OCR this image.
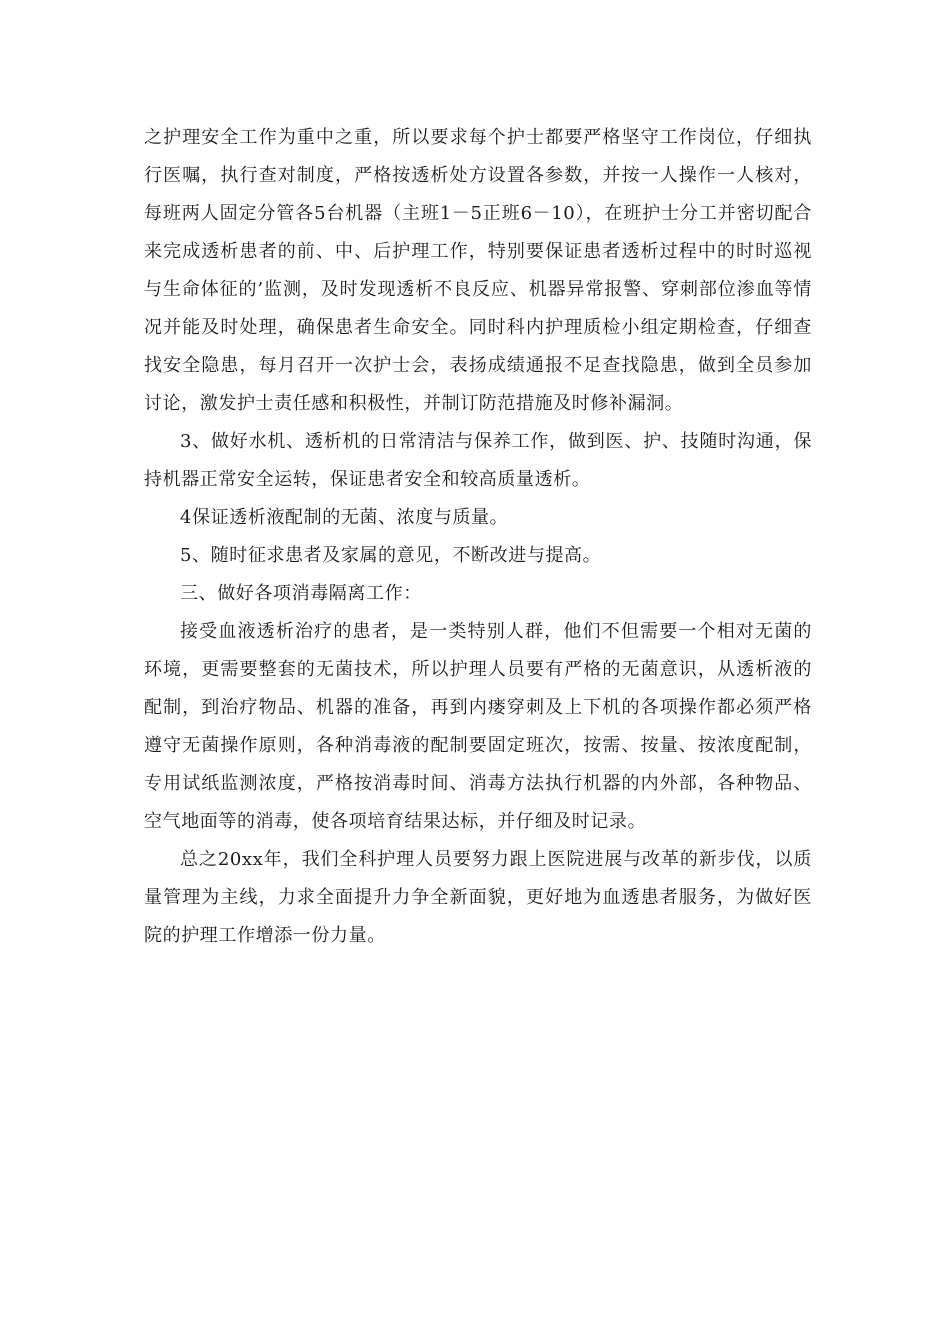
之护理安全工作为重中之重，所以要求每个护士都要严格坚守工作岗位，仔细执行医嘱，执行查对制度，严格按透析处方设置各参数，并按一人操作一人核对，每班两人固定分管各5台机器（主班1－5正班6－10），在班护士分工并密切配合来完成透析患者的前、中、后护理工作，特别要保证患者透析过程中的时时巡视与生命体征的’监测，及时发现透析不良反应、机器异常报警、穿刺部位渗血等情况并能及时处理，确保患者生命安全。同时科内护理质检小组定期检查，仔细查找安全隐患，每月召开一次护士会，表扬成绩通报不足查找隐患，做到全员参加讨论，激发护士责任感和积极性，并制订防范措施及时修补漏洞。

3、做好水机、透析机的日常清洁与保养工作，做到医、护、技随时沟通，保持机器正常安全运转，保证患者安全和较高质量透析。

4保证透析液配制的无菌、浓度与质量。

5、随时征求患者及家属的意见，不断改进与提高。

三、做好各项消毒隔离工作：

接受血液透析治疗的患者，是一类特别人群，他们不但需要一个相对无菌的环境，更需要整套的无菌技术，所以护理人员要有严格的无菌意识，从透析液的配制，到治疗物品、机器的准备，再到内瘘穿刺及上下机的各项操作都必须严格遵守无菌操作原则，各种消毒液的配制要固定班次，按需、按量、按浓度配制，专用试纸监测浓度，严格按消毒时间、消毒方法执行机器的内外部，各种物品、空气地面等的消毒，使各项培育结果达标，并仔细及时记录。

总之20xx年，我们全科护理人员要努力跟上医院进展与改革的新步伐，以质量管理为主线，力求全面提升力争全新面貌，更好地为血透患者服务，为做好医院的护理工作增添一份力量。
